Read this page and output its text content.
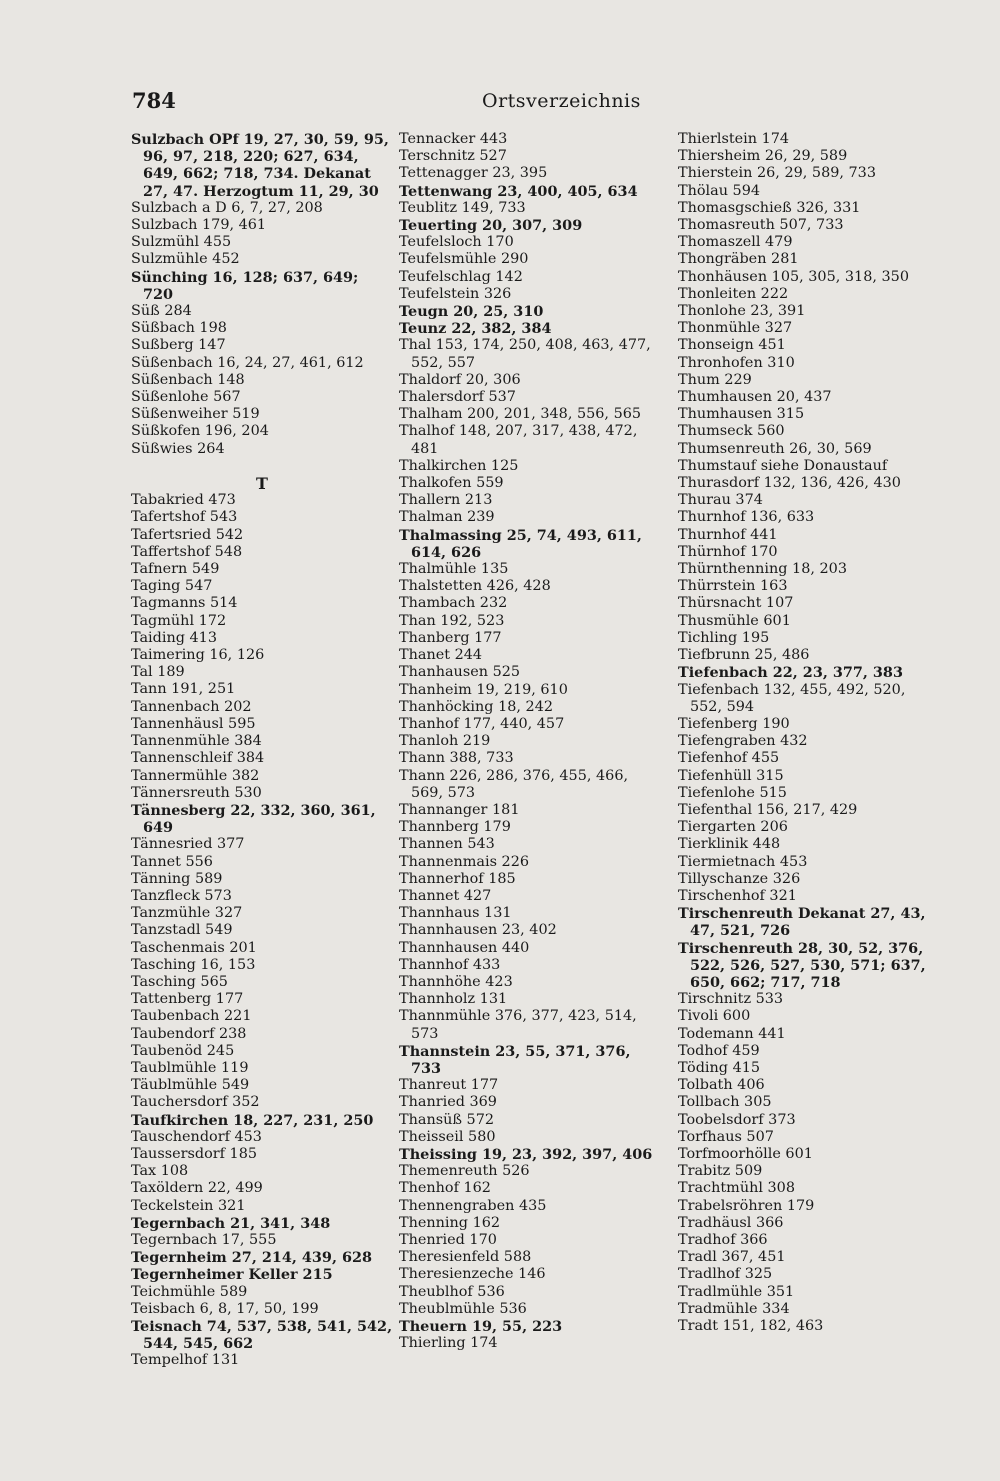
784	Ortsverzeichnis
Sulzbach OPf 19, 27, 30, 59, 95, 96, 97, 218, 220; 627, 634, 649, 662; 718, 734. Dekanat 27, 47. Herzogtum 11, 29, 30
Sulzbach a D 6, 7, 27, 208
Sulzbach 179, 461
Sulzmühl 455
Sulzmühle 452
Sünching 16, 128; 637, 649; 720
Süß 284
Süßbach 198
Sußberg 147
Süßenbach 16, 24, 27, 461, 612
Süßenbach 148
Süßenlohe 567
Süßenweiher 519
Süßkofen 196, 204
Süßwies 264
T
Tabakried 473
Tafertshof 543
Tafertsried 542
Taffertshof 548
Tafnern 549
Taging 547
Tagmanns 514
Tagmühl 172
Taiding 413
Taimering 16, 126
Tal 189
Tann 191, 251
Tannenbach 202
Tannenhäusl 595
Tannenmühle 384
Tannenschleif 384
Tannermühle 382
Tännersreuth 530
Tännesberg 22, 332, 360, 361, 649
Tännesried 377
Tannet 556
Tänning 589
Tanzfleck 573
Tanzmühle 327
Tanzstadl 549
Taschenmais 201
Tasching 16, 153
Tasching 565
Tattenberg 177
Taubenbach 221
Taubendorf 238
Taubenöd 245
Taublmühle 119
Täublmühle 549
Tauchersdorf 352
Taufkirchen 18, 227, 231, 250
Tauschendorf 453
Taussersdorf 185
Tax 108
Taxöldern 22, 499
Teckelstein 321
Tegernbach 21, 341, 348
Tegernbach 17, 555
Tegernheim 27, 214, 439, 628
Tegernheimer Keller 215
Teichmühle 589
Teisbach 6, 8, 17, 50, 199
Teisnach 74, 537, 538, 541, 542, 544, 545, 662
Tempelhof 131
Tennacker 443
Terschnitz 527
Tettenagger 23, 395
Tettenwang 23, 400, 405, 634
Teublitz 149, 733
Teuerting 20, 307, 309
Teufelsloch 170
Teufelsmühle 290
Teufelschlag 142
Teufelstein 326
Teugn 20, 25, 310
Teunz 22, 382, 384
Thal 153, 174, 250, 408, 463, 477, 552, 557
Thaldorf 20, 306
Thalersdorf 537
Thalham 200, 201, 348, 556, 565
Thalhof 148, 207, 317, 438, 472, 481
Thalkirchen 125
Thalkofen 559
Thallern 213
Thalman 239
Thalmassing 25, 74, 493, 611, 614, 626
Thalmühle 135
Thalstetten 426, 428
Thambach 232
Than 192, 523
Thanberg 177
Thanet 244
Thanhausen 525
Thanheim 19, 219, 610
Thanhöcking 18, 242
Thanhof 177, 440, 457
Thanloh 219
Thann 388, 733
Thann 226, 286, 376, 455, 466, 569, 573
Thannanger 181
Thannberg 179
Thannen 543
Thannenmais 226
Thannerhof 185
Thannet 427
Thannhaus 131
Thannhausen 23, 402
Thannhausen 440
Thannhof 433
Thannhöhe 423
Thannholz 131
Thannmühle 376, 377, 423, 514, 573
Thannstein 23, 55, 371, 376, 733
Thanreut 177
Thanried 369
Thansüß 572
Theisseil 580
Theissing 19, 23, 392, 397, 406
Themenreuth 526
Thenhof 162
Thennengraben 435
Thenning 162
Thenried 170
Theresienfeld 588
Theresienzeche 146
Theublhof 536
Theublmühle 536
Theuern 19, 55, 223
Thierling 174
Thierlstein 174
Thiersheim 26, 29, 589
Thierstein 26, 29, 589, 733
Thölau 594
Thomasgschieß 326, 331
Thomasreuth 507, 733
Thomaszell 479
Thongräben 281
Thonhäusen 105, 305, 318, 350
Thonleiten 222
Thonlohe 23, 391
Thonmühle 327
Thonseign 451
Thronhofen 310
Thum 229
Thumhausen 20, 437
Thumhausen 315
Thumseck 560
Thumsenreuth 26, 30, 569
Thumstauf siehe Donaustauf
Thurasdorf 132, 136, 426, 430
Thurau 374
Thurnhof 136, 633
Thurnhof 441
Thürnhof 170
Thürnthenning 18, 203
Thürrstein 163
Thürsnacht 107
Thusmühle 601
Tichling 195
Tiefbrunn 25, 486
Tiefenbach 22, 23, 377, 383
Tiefenbach 132, 455, 492, 520, 552, 594
Tiefenberg 190
Tiefengraben 432
Tiefenhof 455
Tiefenhüll 315
Tiefenlohe 515
Tiefenthal 156, 217, 429
Tiergarten 206
Tierklinik 448
Tiermietnach 453
Tillyschanze 326
Tirschenhof 321
Tirschenreuth Dekanat 27, 43, 47, 521, 726
Tirschenreuth 28, 30, 52, 376, 522, 526, 527, 530, 571; 637, 650, 662; 717, 718
Tirschnitz 533
Tivoli 600
Todemann 441
Todhof 459
Töding 415
Tolbath 406
Tollbach 305
Toobelsdorf 373
Torfhaus 507
Torfmoorhölle 601
Trabitz 509
Trachtmühl 308
Trabelsröhren 179
Tradhäusl 366
Tradhof 366
Tradl 367, 451
Tradlhof 325
Tradlmühle 351
Tradmühle 334
Tradt 151, 182, 463
